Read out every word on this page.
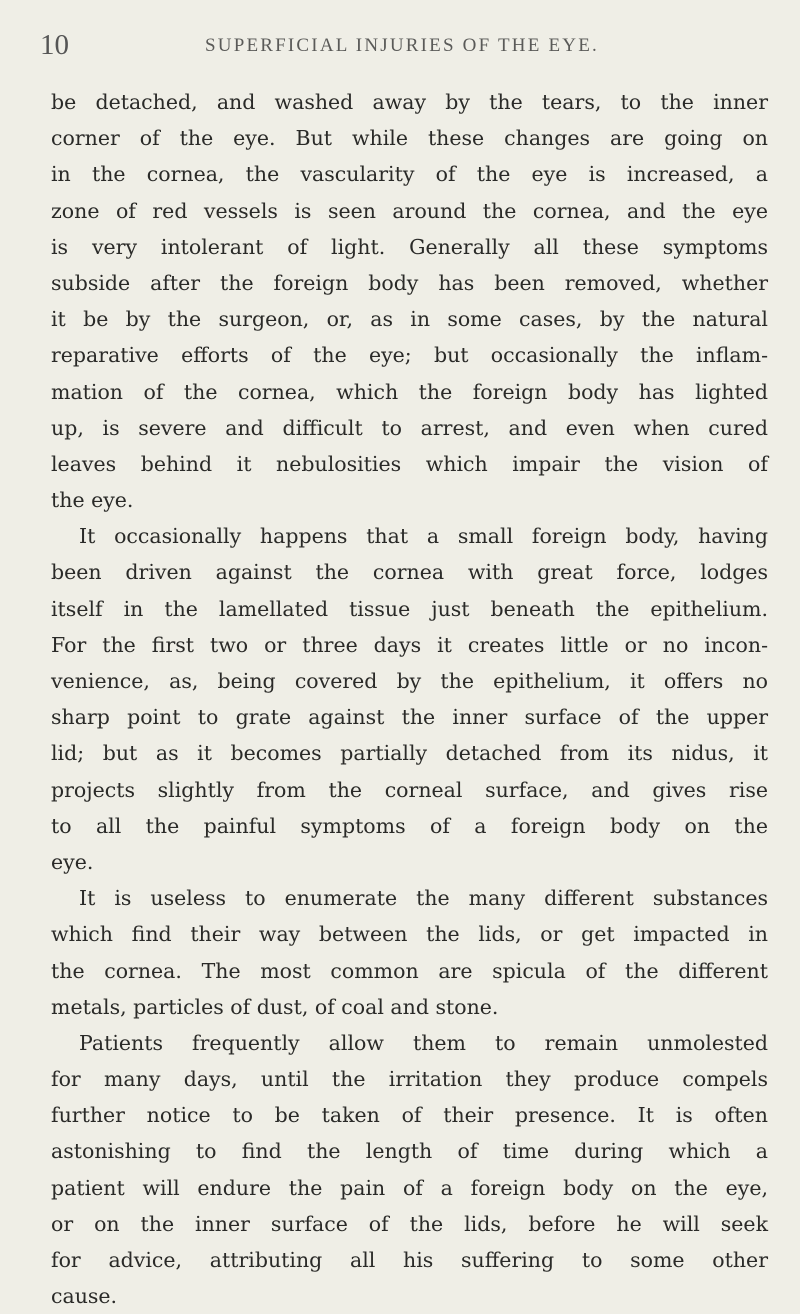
10	SUPERFICIAL INJURIES OF THE EYE.
be detached, and washed away by the tears, to the inner
corner of the eye. But while these changes are going on
in the cornea, the vascularity of the eye is increased, a
zone of red vessels is seen around the cornea, and the eye
is very intolerant of light. Generally all these symptoms
subside after the foreign body has been removed, whether
it be by the surgeon, or, as in some cases, by the natural
reparative efforts of the eye; but occasionally the inflam-
mation of the cornea, which the foreign body has lighted
up, is severe and difficult to arrest, and even when cured
leaves behind it nebulosities which impair the vision of
the eye.
It occasionally happens that a small foreign body, having
been driven against the cornea with great force, lodges
itself in the lamellated tissue just beneath the epithelium.
For the first two or three days it creates little or no incon-
venience, as, being covered by the epithelium, it offers no
sharp point to grate against the inner surface of the upper
lid; but as it becomes partially detached from its nidus, it
projects slightly from the corneal surface, and gives rise
to all the painful symptoms of a foreign body on the
eye.
It is useless to enumerate the many different substances
which find their way between the lids, or get impacted in
the cornea. The most common are spicula of the different
metals, particles of dust, of coal and stone.
Patients frequently allow them to remain unmolested
for many days, until the irritation they produce compels
further notice to be taken of their presence. It is often
astonishing to find the length of time during which a
patient will endure the pain of a foreign body on the eye,
or on the inner surface of the lids, before he will seek
for advice, attributing all his suffering to some other
cause.
